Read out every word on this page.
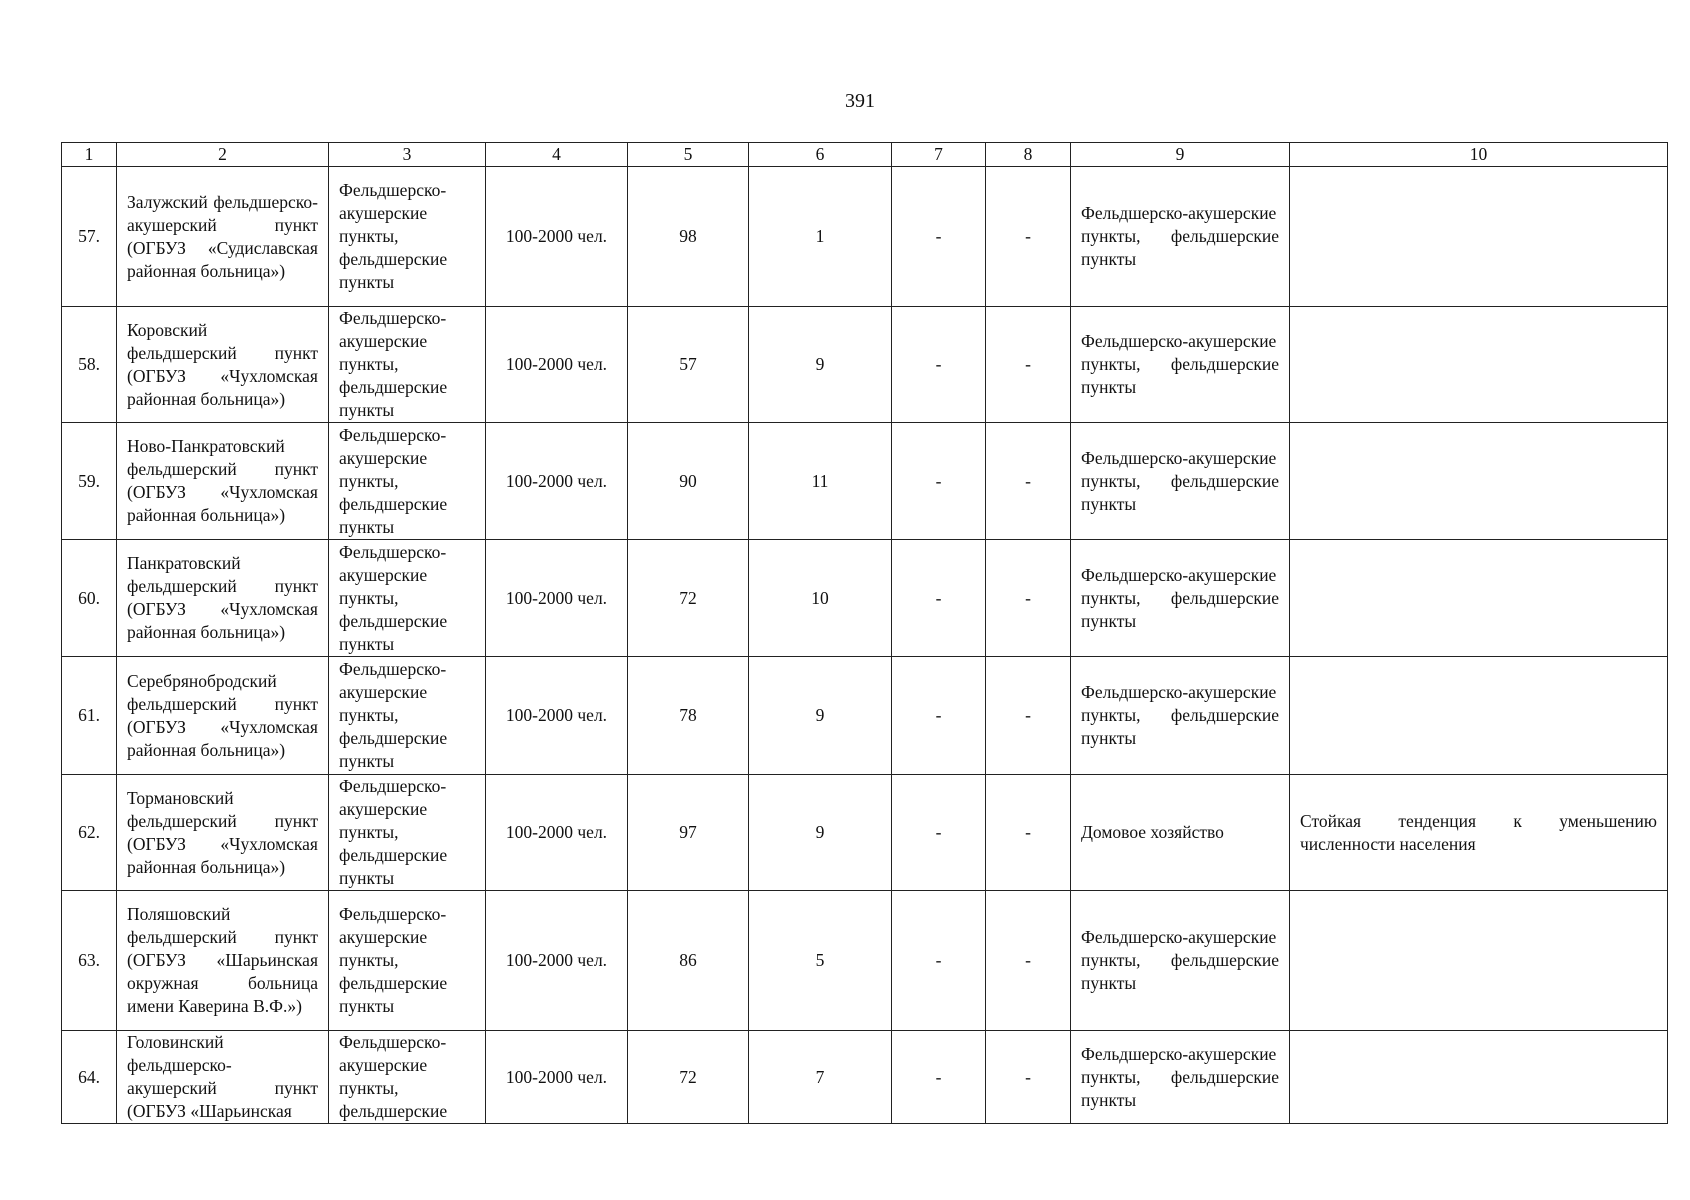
391
1	2	3	4	5	6	7	8	9	10
57.	Залужский фельдшерско-акушерский пункт (ОГБУЗ «Судиславская районная больница»)	Фельдшерско-акушерские пункты, фельдшерские пункты	100-2000 чел.	98	1	-	-	Фельдшерско-акушерские пункты, фельдшерские пункты	
58.	Коровский фельдшерский пункт (ОГБУЗ «Чухломская районная больница»)	Фельдшерско-акушерские пункты, фельдшерские пункты	100-2000 чел.	57	9	-	-	Фельдшерско-акушерские пункты, фельдшерские пункты	
59.	Ново-Панкратовский фельдшерский пункт (ОГБУЗ «Чухломская районная больница»)	Фельдшерско-акушерские пункты, фельдшерские пункты	100-2000 чел.	90	11	-	-	Фельдшерско-акушерские пункты, фельдшерские пункты	
60.	Панкратовский фельдшерский пункт (ОГБУЗ «Чухломская районная больница»)	Фельдшерско-акушерские пункты, фельдшерские пункты	100-2000 чел.	72	10	-	-	Фельдшерско-акушерские пункты, фельдшерские пункты	
61.	Серебрянобродский фельдшерский пункт (ОГБУЗ «Чухломская районная больница»)	Фельдшерско-акушерские пункты, фельдшерские пункты	100-2000 чел.	78	9	-	-	Фельдшерско-акушерские пункты, фельдшерские пункты	
62.	Тормановский фельдшерский пункт (ОГБУЗ «Чухломская районная больница»)	Фельдшерско-акушерские пункты, фельдшерские пункты	100-2000 чел.	97	9	-	-	Домовое хозяйство	Стойкая тенденция к уменьшению численности населения
63.	Поляшовский фельдшерский пункт (ОГБУЗ «Шарьинская окружная больница имени Каверина В.Ф.»)	Фельдшерско-акушерские пункты, фельдшерские пункты	100-2000 чел.	86	5	-	-	Фельдшерско-акушерские пункты, фельдшерские пункты	
64.	Головинский фельдшерско-акушерский пункт (ОГБУЗ «Шарьинская	Фельдшерско-акушерские пункты, фельдшерские	100-2000 чел.	72	7	-	-	Фельдшерско-акушерские пункты, фельдшерские пункты	
